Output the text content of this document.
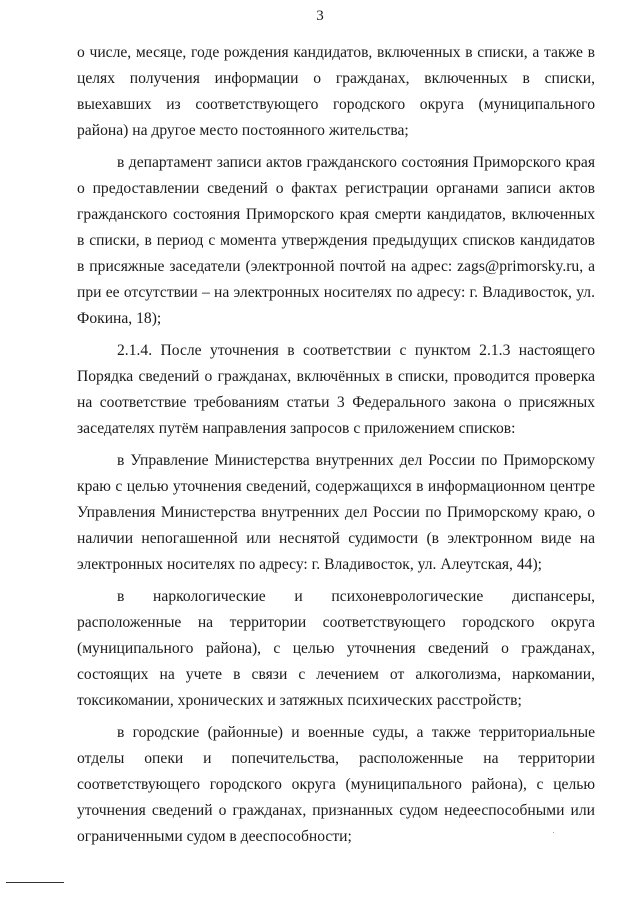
3

о числе, месяце, годе рождения кандидатов, включенных в списки, а также в целях получения информации о гражданах, включенных в списки, выехавших из соответствующего городского округа (муниципального района) на другое место постоянного жительства;

в департамент записи актов гражданского состояния Приморского края о предоставлении сведений о фактах регистрации органами записи актов гражданского состояния Приморского края смерти кандидатов, включенных в списки, в период с момента утверждения предыдущих списков кандидатов в присяжные заседатели (электронной почтой на адрес: zags@primorsky.ru, а при ее отсутствии – на электронных носителях по адресу: г. Владивосток, ул. Фокина, 18);

2.1.4. После уточнения в соответствии с пунктом 2.1.3 настоящего Порядка сведений о гражданах, включённых в списки, проводится проверка на соответствие требованиям статьи 3 Федерального закона о присяжных заседателях путём направления запросов с приложением списков:

в Управление Министерства внутренних дел России по Приморскому краю с целью уточнения сведений, содержащихся в информационном центре Управления Министерства внутренних дел России по Приморскому краю, о наличии непогашенной или неснятой судимости (в электронном виде на электронных носителях по адресу: г. Владивосток, ул. Алеутская, 44);

в наркологические и психоневрологические диспансеры, расположенные на территории соответствующего городского округа (муниципального района), с целью уточнения сведений о гражданах, состоящих на учете в связи с лечением от алкоголизма, наркомании, токсикомании, хронических и затяжных психических расстройств;

в городские (районные) и военные суды, а также территориальные отделы опеки и попечительства, расположенные на территории соответствующего городского округа (муниципального района), с целью уточнения сведений о гражданах, признанных судом недееспособными или ограниченными судом в дееспособности;
